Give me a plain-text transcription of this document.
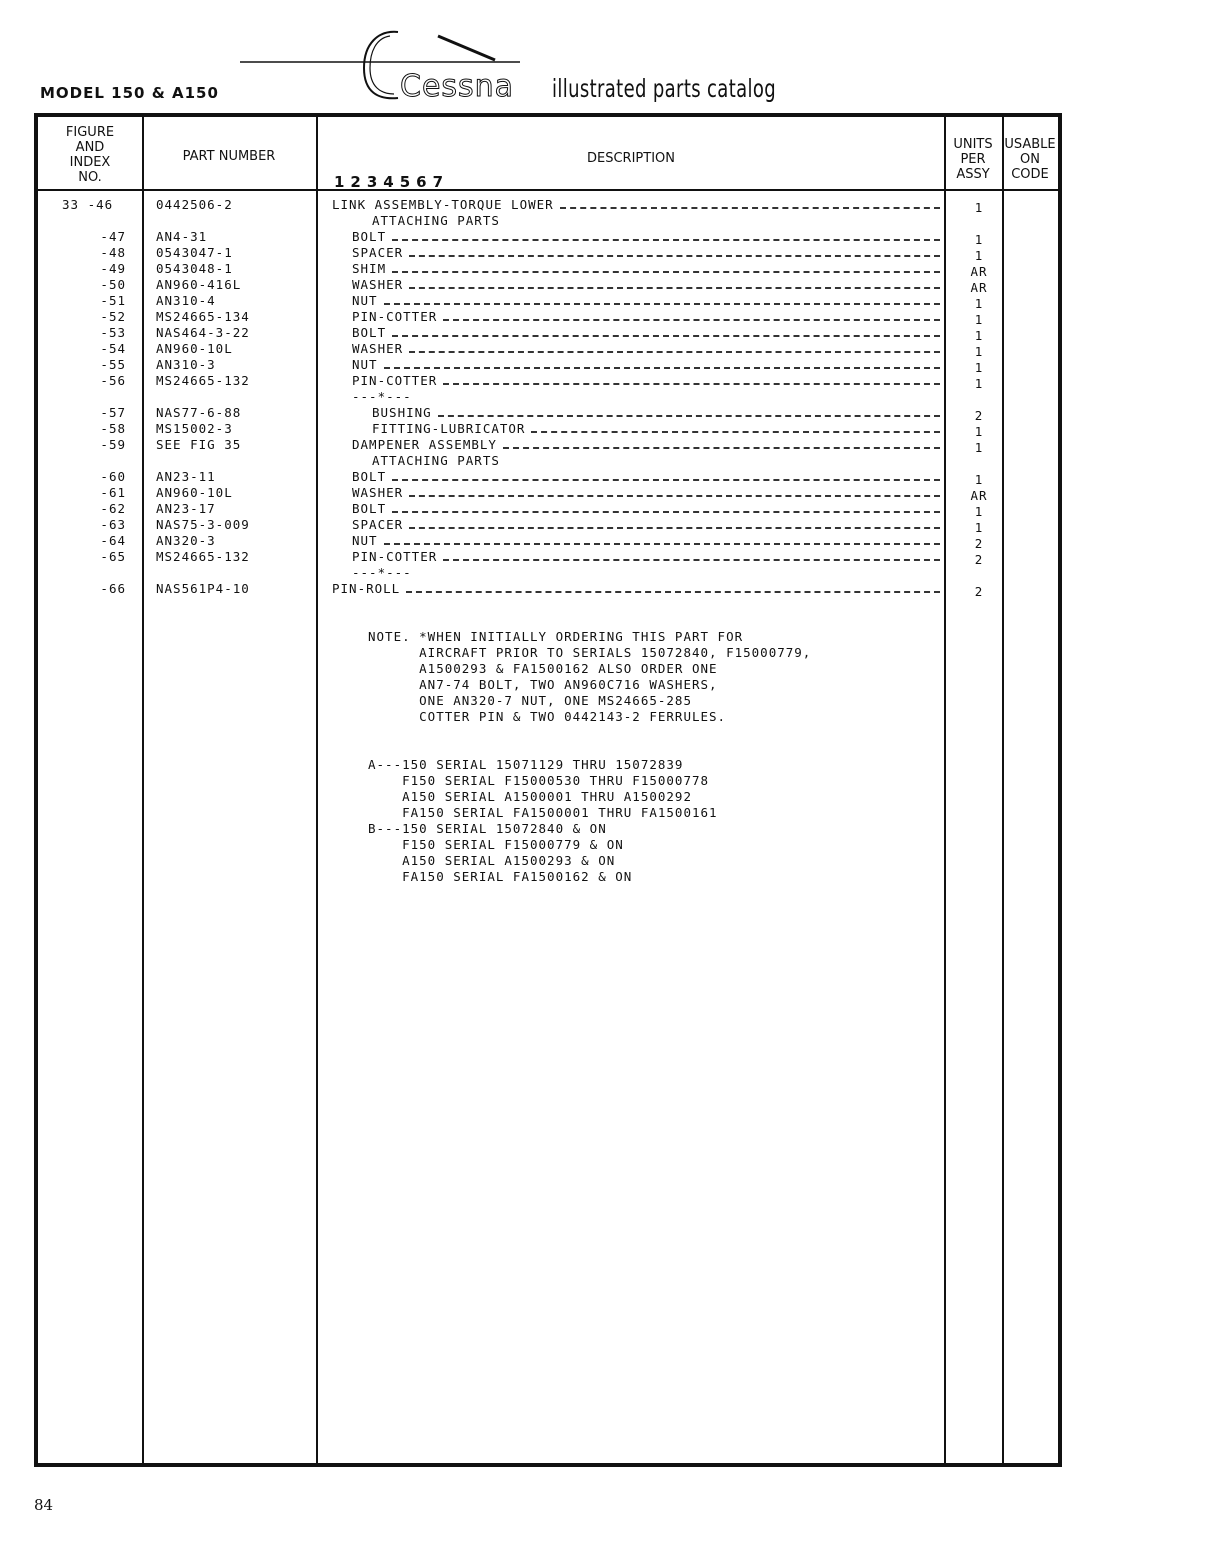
MODEL 150 & A150	Cessna illustrated parts catalog
FIGURE
AND
INDEX
NO.
PART NUMBER	DESCRIPTION
1234567
UNITS
PER
ASSY
USABLE
ON
CODE
33 -46	0442506-2	LINK ASSEMBLY-TORQUE LOWER	1
ATTACHING PARTS
-47 AN4-31	BOLT	1
-48 0543047-1	SPACER	1
-49 0543048-1	SHIM	AR
-50 AN960-416L	WASHER	AR
-51 AN310-4	NUT	1
-52 MS24665-134	PIN-COTTER	1
-53 NAS464-3-22	BOLT	1
-54 AN960-10L	WASHER	1
-55 AN310-3	NUT	1
-56 MS24665-132	PIN-COTTER	1
---*---
-57 NAS77-6-88	BUSHING	2
-58 MS15002-3	FITTING-LUBRICATOR	1
-59 SEE FIG 35	DAMPENER ASSEMBLY	1
ATTACHING PARTS
-60 AN23-11	BOLT	1
-61 AN960-10L	WASHER	AR
-62 AN23-17	BOLT	1
-63 NAS75-3-009	SPACER	1
-64 AN320-3	NUT	2
-65 MS24665-132	PIN-COTTER	2
---*---
-66 NAS561P4-10	PIN-ROLL	2
NOTE. *WHEN INITIALLY ORDERING THIS PART FOR
AIRCRAFT PRIOR TO SERIALS 15072840, F15000779,
A1500293 & FA1500162 ALSO ORDER ONE
AN7-74 BOLT, TWO AN960C716 WASHERS,
ONE AN320-7 NUT, ONE MS24665-285
COTTER PIN & TWO 0442143-2 FERRULES.

A---150 SERIAL 15071129 THRU 15072839
F150 SERIAL F15000530 THRU F15000778
A150 SERIAL A1500001 THRU A1500292
FA150 SERIAL FA1500001 THRU FA1500161
B---150 SERIAL 15072840 & ON
F150 SERIAL F15000779 & ON
A150 SERIAL A1500293 & ON
FA150 SERIAL FA1500162 & ON
84
